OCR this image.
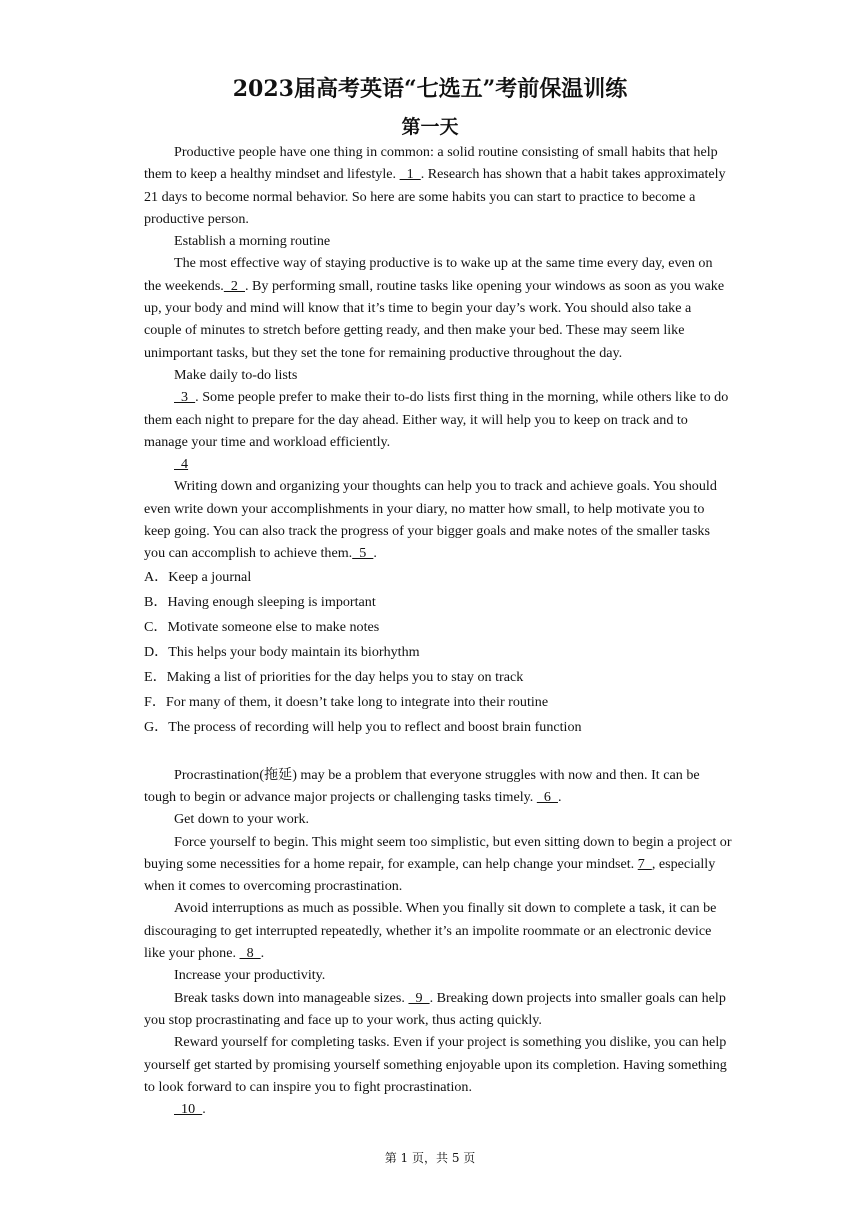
2023届高考英语“七选五”考前保温训练
第一天

Productive people have one thing in common: a solid routine consisting of small habits that help them to keep a healthy mindset and lifestyle.   1  . Research has shown that a habit takes approximately 21 days to become normal behavior. So here are some habits you can start to practice to become a productive person.

Establish a morning routine

The most effective way of staying productive is to wake up at the same time every day, even on the weekends.  2  . By performing small, routine tasks like opening your windows as soon as you wake up, your body and mind will know that it’s time to begin your day’s work. You should also take a couple of minutes to stretch before getting ready, and then make your bed. These may seem like unimportant tasks, but they set the tone for remaining productive throughout the day.

Make daily to-do lists

3  . Some people prefer to make their to-do lists first thing in the morning, while others like to do them each night to prepare for the day ahead. Either way, it will help you to keep on track and to manage your time and workload efficiently.

4

Writing down and organizing your thoughts can help you to track and achieve goals. You should even write down your accomplishments in your diary, no matter how small, to help motivate you to keep going. You can also track the progress of your bigger goals and make notes of the smaller tasks you can accomplish to achieve them.  5  .

A．Keep a journal
B．Having enough sleeping is important
C．Motivate someone else to make notes
D．This helps your body maintain its biorhythm
E．Making a list of priorities for the day helps you to stay on track
F．For many of them, it doesn’t take long to integrate into their routine
G．The process of recording will help you to reflect and boost brain function

Procrastination(拖延) may be a problem that everyone struggles with now and then. It can be tough to begin or advance major projects or challenging tasks timely.   6  .

Get down to your work.

Force yourself to begin. This might seem too simplistic, but even sitting down to begin a project or buying some necessities for a home repair, for example, can help change your mindset. 7  , especially when it comes to overcoming procrastination.

Avoid interruptions as much as possible. When you finally sit down to complete a task, it can be discouraging to get interrupted repeatedly, whether it’s an impolite roommate or an electronic device like your phone.   8  .

Increase your productivity.

Break tasks down into manageable sizes.   9  . Breaking down projects into smaller goals can help you stop procrastinating and face up to your work, thus acting quickly.

Reward yourself for completing tasks. Even if your project is something you dislike, you can help yourself get started by promising yourself something enjoyable upon its completion. Having something to look forward to can inspire you to fight procrastination.

10  .

第 1 页，共 5 页
